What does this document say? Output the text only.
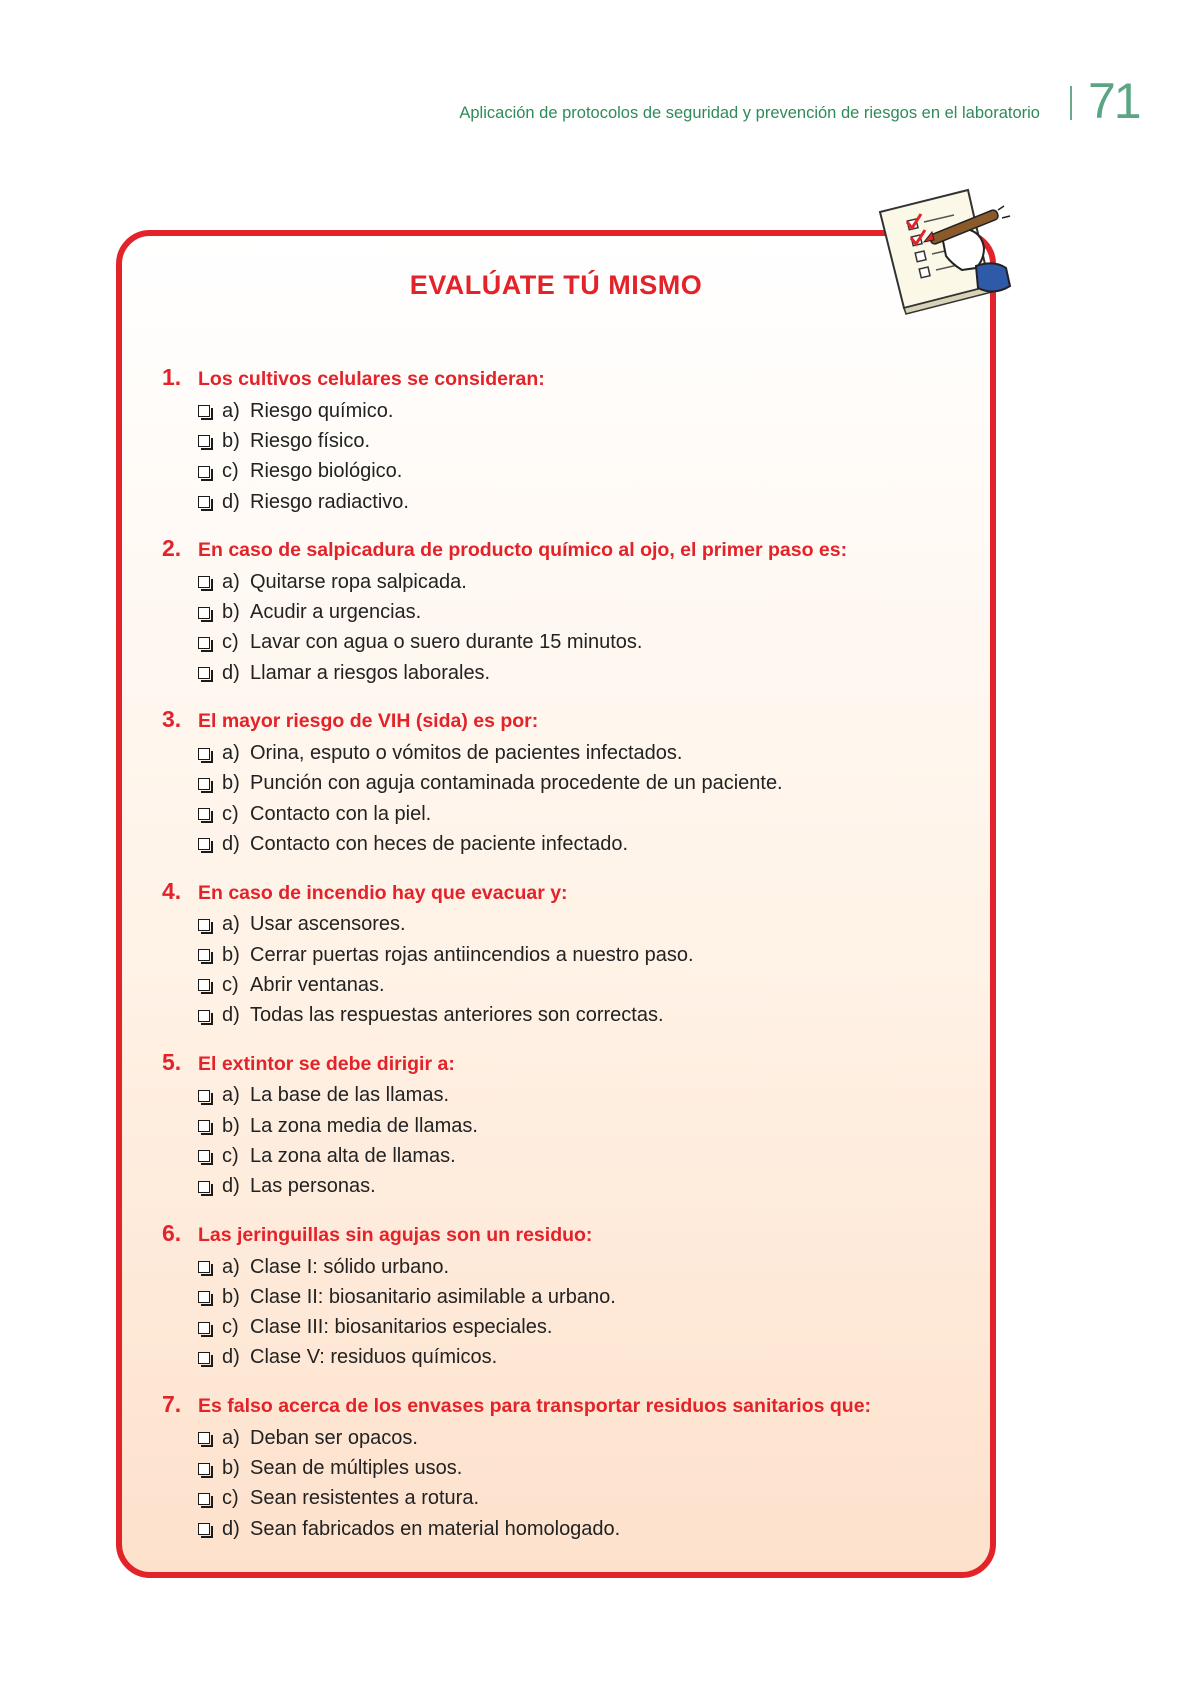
Aplicación de protocolos de seguridad y prevención de riesgos en el laboratorio 71
EVALÚATE TÚ MISMO
1. Los cultivos celulares se consideran:
a) Riesgo químico.
b) Riesgo físico.
c) Riesgo biológico.
d) Riesgo radiactivo.
2. En caso de salpicadura de producto químico al ojo, el primer paso es:
a) Quitarse ropa salpicada.
b) Acudir a urgencias.
c) Lavar con agua o suero durante 15 minutos.
d) Llamar a riesgos laborales.
3. El mayor riesgo de VIH (sida) es por:
a) Orina, esputo o vómitos de pacientes infectados.
b) Punción con aguja contaminada procedente de un paciente.
c) Contacto con la piel.
d) Contacto con heces de paciente infectado.
4. En caso de incendio hay que evacuar y:
a) Usar ascensores.
b) Cerrar puertas rojas antiincendios a nuestro paso.
c) Abrir ventanas.
d) Todas las respuestas anteriores son correctas.
5. El extintor se debe dirigir a:
a) La base de las llamas.
b) La zona media de llamas.
c) La zona alta de llamas.
d) Las personas.
6. Las jeringuillas sin agujas son un residuo:
a) Clase I: sólido urbano.
b) Clase II: biosanitario asimilable a urbano.
c) Clase III: biosanitarios especiales.
d) Clase V: residuos químicos.
7. Es falso acerca de los envases para transportar residuos sanitarios que:
a) Deban ser opacos.
b) Sean de múltiples usos.
c) Sean resistentes a rotura.
d) Sean fabricados en material homologado.
